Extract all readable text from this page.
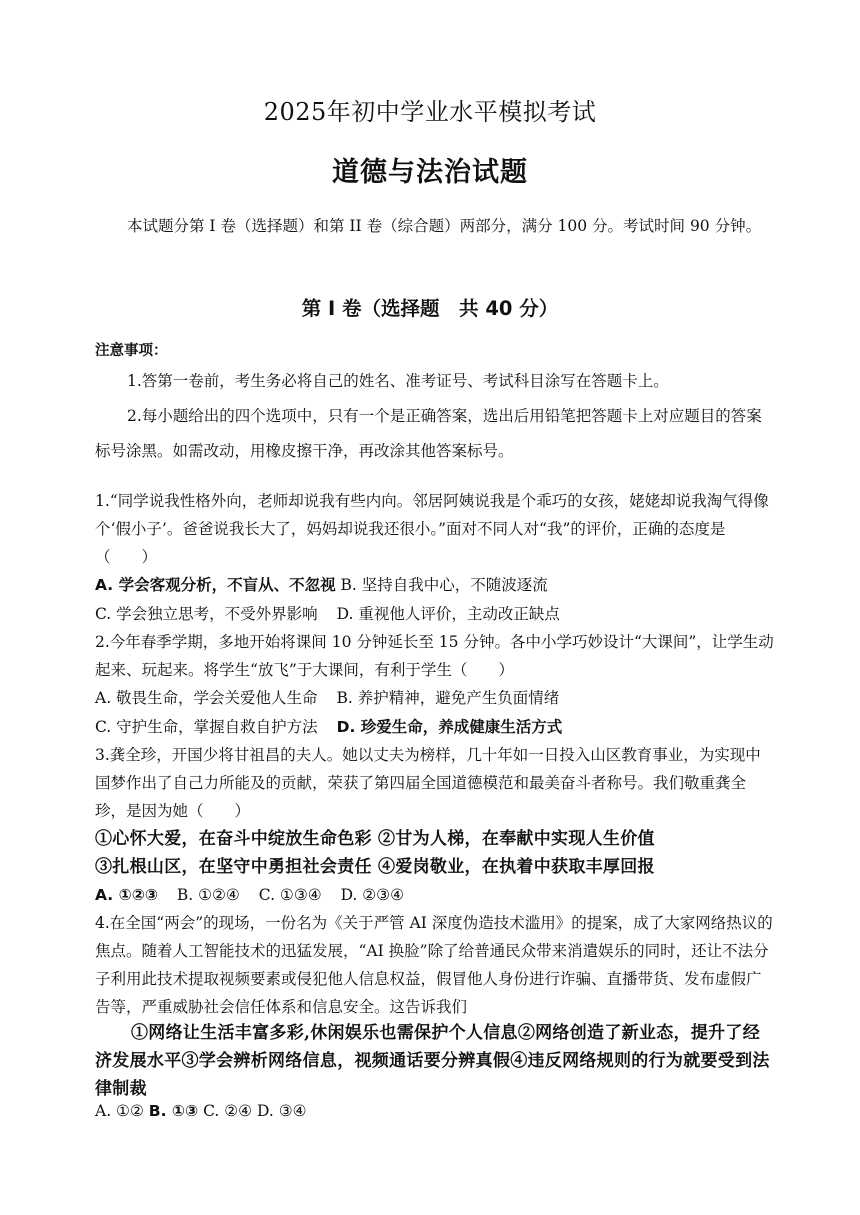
2025年初中学业水平模拟考试
道德与法治试题
本试题分第 I 卷（选择题）和第 II 卷（综合题）两部分，满分 100 分。考试时间 90 分钟。
第 I 卷（选择题　共 40 分）
注意事项：
1.答第一卷前，考生务必将自己的姓名、准考证号、考试科目涂写在答题卡上。
2.每小题给出的四个选项中，只有一个是正确答案，选出后用铅笔把答题卡上对应题目的答案标号涂黑。如需改动，用橡皮擦干净，再改涂其他答案标号。
1.“同学说我性格外向，老师却说我有些内向。邻居阿姨说我是个乖巧的女孩，姥姥却说我淘气得像个‘假小子’。爸爸说我长大了，妈妈却说我还很小。”面对不同人对“我”的评价，正确的态度是（　　）
A. 学会客观分析，不盲从、不忽视 B. 坚持自我中心，不随波逐流
C. 学会独立思考，不受外界影响 D. 重视他人评价，主动改正缺点
2.今年春季学期，多地开始将课间 10 分钟延长至 15 分钟。各中小学巧妙设计“大课间”，让学生动起来、玩起来。将学生“放飞”于大课间，有利于学生（　　）
A. 敬畏生命，学会关爱他人生命 B. 养护精神，避免产生负面情绪
C. 守护生命，掌握自救自护方法 D. 珍爱生命，养成健康生活方式
3.龚全珍，开国少将甘祖昌的夫人。她以丈夫为榜样，几十年如一日投入山区教育事业，为实现中国梦作出了自己力所能及的贡献，荣获了第四届全国道德模范和最美奋斗者称号。我们敬重龚全珍，是因为她（　　）
①心怀大爱，在奋斗中绽放生命色彩 ②甘为人梯，在奉献中实现人生价值
③扎根山区，在坚守中勇担社会责任 ④爱岗敬业，在执着中获取丰厚回报
A. ①②③ B. ①②④ C. ①③④ D. ②③④
4.在全国“两会”的现场，一份名为《关于严管 AI 深度伪造技术滥用》的提案，成了大家网络热议的焦点。随着人工智能技术的迅猛发展，“AI 换脸”除了给普通民众带来消遣娱乐的同时，还让不法分子利用此技术提取视频要素或侵犯他人信息权益，假冒他人身份进行诈骗、直播带货、发布虚假广告等，严重威胁社会信任体系和信息安全。这告诉我们
①网络让生活丰富多彩,休闲娱乐也需保护个人信息②网络创造了新业态，提升了经济发展水平③学会辨析网络信息，视频通话要分辨真假④违反网络规则的行为就要受到法律制裁
A. ①② B. ①③ C. ②④ D. ③④
